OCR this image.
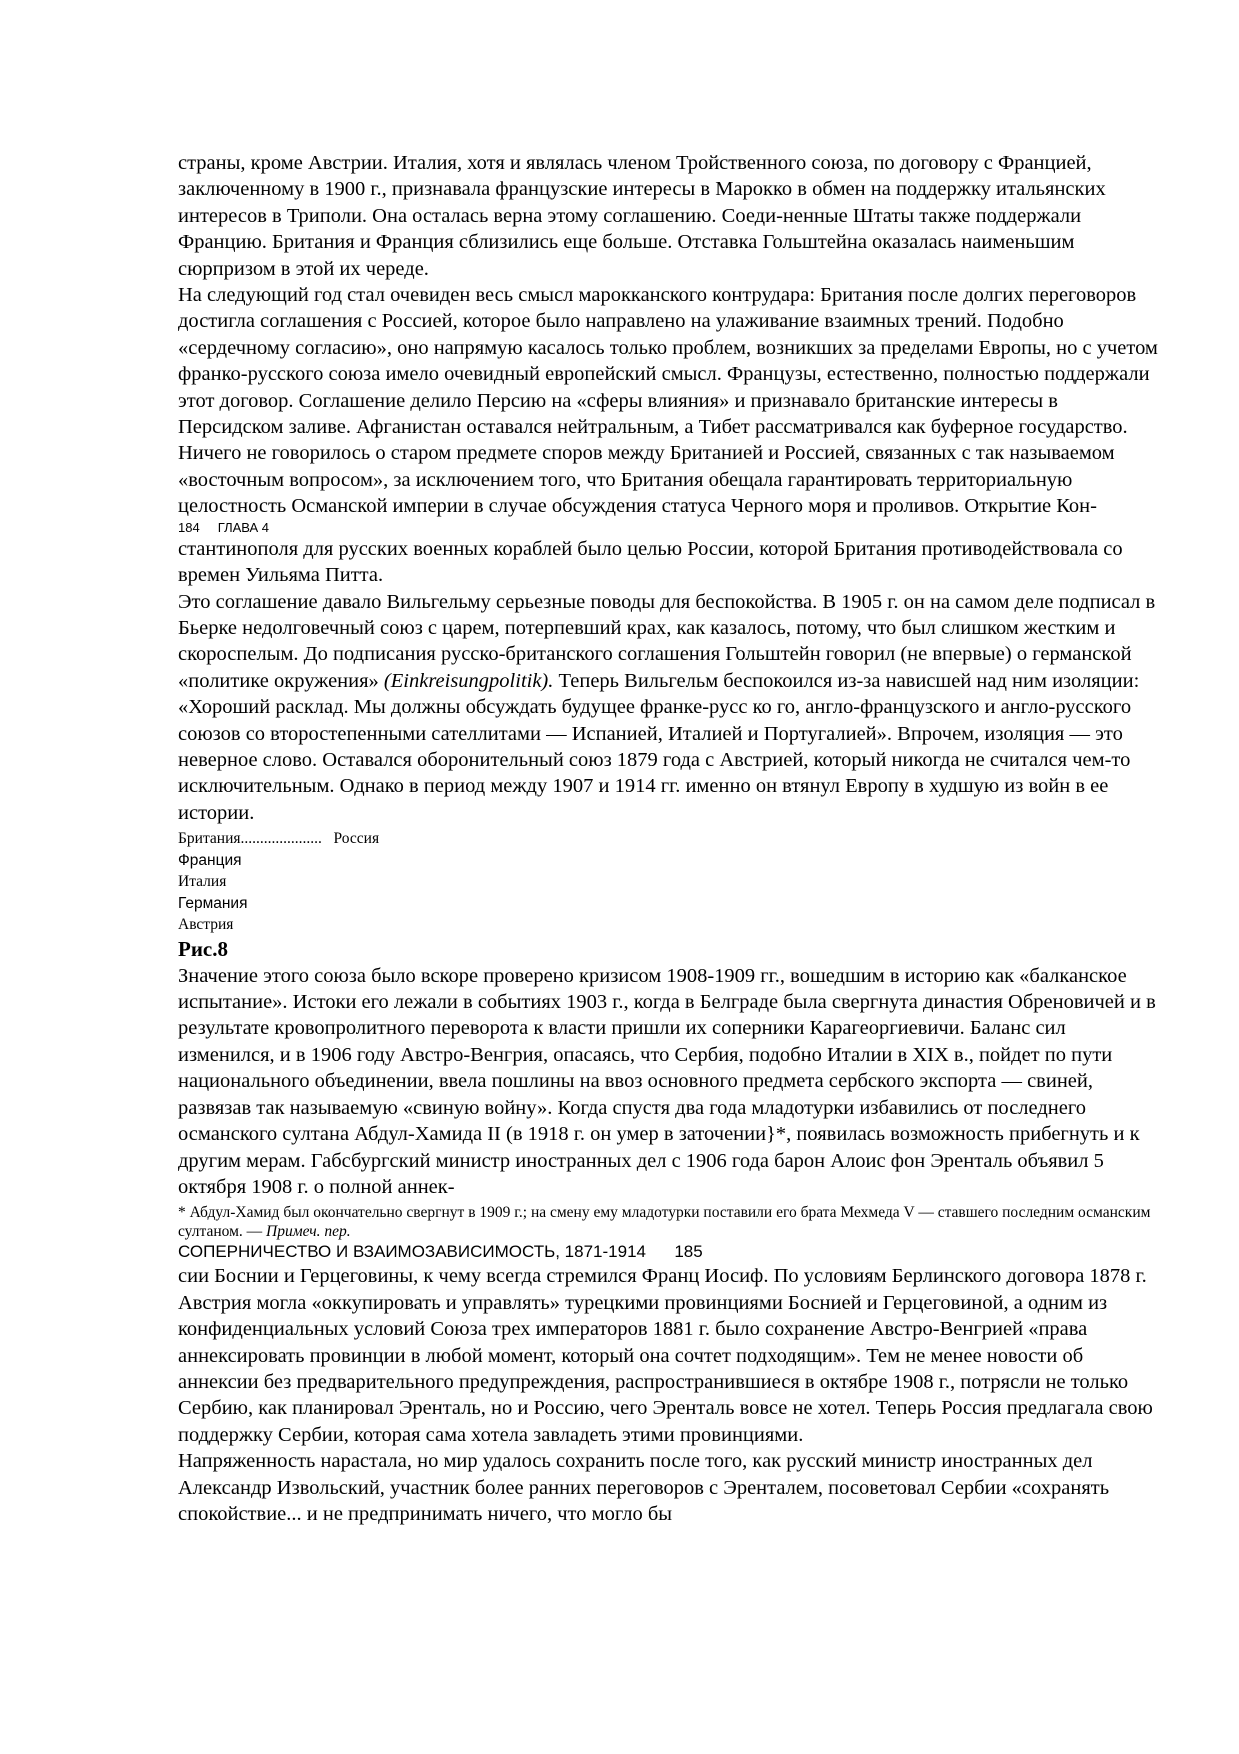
страны, кроме Австрии. Италия, хотя и являлась членом Тройственного союза, по договору с Францией, заключенному в 1900 г., признавала французские интересы в Марокко в обмен на поддержку итальянских интересов в Триполи. Она осталась верна этому соглашению. Соеди-ненные Штаты также поддержали Францию. Британия и Франция сблизились еще больше. Отставка Гольштейна оказалась наименьшим сюрпризом в этой их череде.

На следующий год стал очевиден весь смысл марокканского контрудара: Британия после долгих переговоров достигла соглашения с Россией, которое было направлено на улаживание взаимных трений. Подобно «сердечному согласию», оно напрямую касалось только проблем, возникших за пределами Европы, но с учетом франко-русского союза имело очевидный европейский смысл. Французы, естественно, полностью поддержали этот договор. Соглашение делило Персию на «сферы влияния» и признавало британские интересы в Персидском заливе. Афганистан оставался нейтральным, а Тибет рассматривался как буферное государство. Ничего не говорилось о старом предмете споров между Британией и Россией, связанных с так называемом «восточным вопросом», за исключением того, что Британия обещала гарантировать территориальную целостность Османской империи в случае обсуждения статуса Черного моря и проливов. Открытие Кон-

184 ГЛАВА 4

стантинополя для русских военных кораблей было целью России, которой Британия противодействовала со времен Уильяма Питта.

Это соглашение давало Вильгельму серьезные поводы для беспокойства. В 1905 г. он на самом деле подписал в Бьерке недолговечный союз с царем, потерпевший крах, как казалось, потому, что был слишком жестким и скороспелым. До подписания русско-британского соглашения Гольштейн говорил (не впервые) о германской «политике окружения» (Einkreisungpolitik). Теперь Вильгельм беспокоился из-за нависшей над ним изоляции: «Хороший расклад. Мы должны обсуждать будущее франке-русс ко го, англо-французского и англо-русского союзов со второстепенными сателлитами — Испанией, Италией и Португалией». Впрочем, изоляция — это неверное слово. Оставался оборонительный союз 1879 года с Австрией, который никогда не считался чем-то исключительным. Однако в период между 1907 и 1914 гг. именно он втянул Европу в худшую из войн в ее истории.

Британия..................... Россия

Франция

Италия

Германия

Австрия

Рис.8

Значение этого союза было вскоре проверено кризисом 1908-1909 гг., вошедшим в историю как «балканское испытание». Истоки его лежали в событиях 1903 г., когда в Белграде была свергнута династия Обреновичей и в результате кровопролитного переворота к власти пришли их соперники Карагеоргиевичи. Баланс сил изменился, и в 1906 году Австро-Венгрия, опасаясь, что Сербия, подобно Италии в XIX в., пойдет по пути национального объединении, ввела пошлины на ввоз основного предмета сербского экспорта — свиней, развязав так называемую «свиную войну». Когда спустя два года младотурки избавились от последнего османского султана Абдул-Хамида II (в 1918 г. он умер в заточении}*, появилась возможность прибегнуть и к другим мерам. Габсбургский министр иностранных дел с 1906 года барон Алоис фон Эренталь объявил 5 октября 1908 г. о полной аннек-

* Абдул-Хамид был окончательно свергнут в 1909 г.; на смену ему младотурки поставили его брата Мехмеда V — ставшего последним османским султаном. — Примеч. пер.

СОПЕРНИЧЕСТВО И ВЗАИМОЗАВИСИМОСТЬ, 1871-1914 185

сии Боснии и Герцеговины, к чему всегда стремился Франц Иосиф. По условиям Берлинского договора 1878 г. Австрия могла «оккупировать и управлять» турецкими провинциями Боснией и Герцеговиной, а одним из конфиденциальных условий Союза трех императоров 1881 г. было сохранение Австро-Венгрией «права аннексировать провинции в любой момент, который она сочтет подходящим». Тем не менее новости об аннексии без предварительного предупреждения, распространившиеся в октябре 1908 г., потрясли не только Сербию, как планировал Эренталь, но и Россию, чего Эренталь вовсе не хотел. Теперь Россия предлагала свою поддержку Сербии, которая сама хотела завладеть этими провинциями.

Напряженность нарастала, но мир удалось сохранить после того, как русский министр иностранных дел Александр Извольский, участник более ранних переговоров с Эренталем, посоветовал Сербии «сохранять спокойствие... и не предпринимать ничего, что могло бы
